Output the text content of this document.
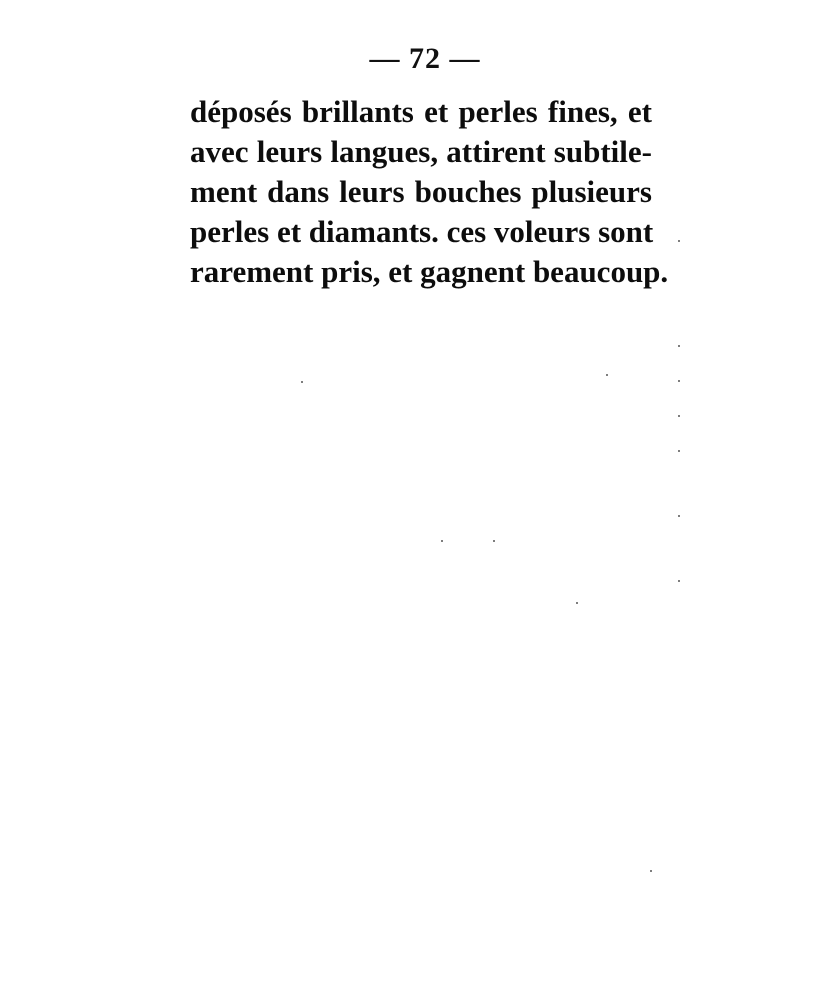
— 72 —
déposés brillants et perles fines, et
avec leurs langues, attirent subtile-
ment dans leurs bouches plusieurs
perles et diamants. ces voleurs sont
rarement pris, et gagnent beaucoup.
